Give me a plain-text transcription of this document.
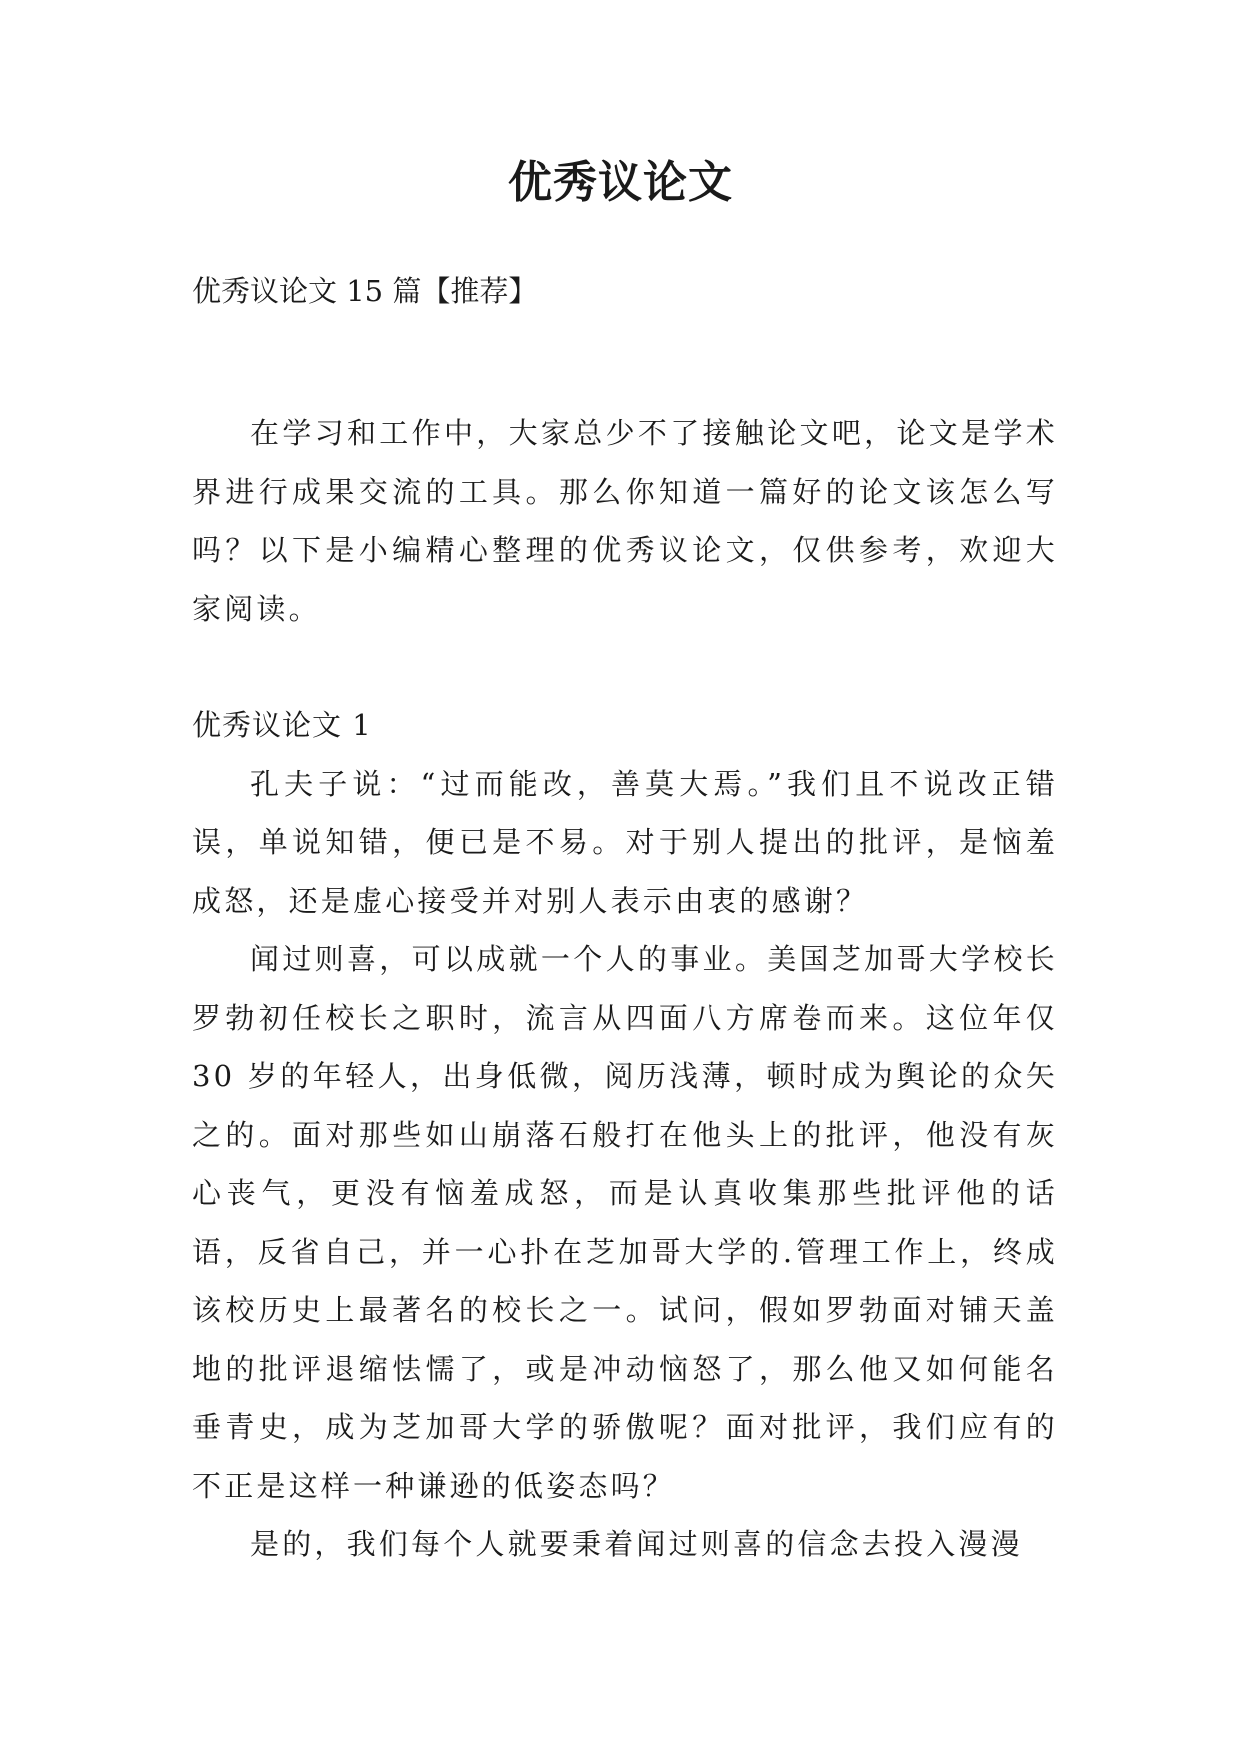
优秀议论文
优秀议论文 15 篇【推荐】

在学习和工作中，大家总少不了接触论文吧，论文是学术界进行成果交流的工具。那么你知道一篇好的论文该怎么写吗？以下是小编精心整理的优秀议论文，仅供参考，欢迎大家阅读。

优秀议论文 1

孔夫子说：“过而能改，善莫大焉。”我们且不说改正错误，单说知错，便已是不易。对于别人提出的批评，是恼羞成怒，还是虚心接受并对别人表示由衷的感谢？

闻过则喜，可以成就一个人的事业。美国芝加哥大学校长罗勃初任校长之职时，流言从四面八方席卷而来。这位年仅 30 岁的年轻人，出身低微，阅历浅薄，顿时成为舆论的众矢之的。面对那些如山崩落石般打在他头上的批评，他没有灰心丧气，更没有恼羞成怒，而是认真收集那些批评他的话语，反省自己，并一心扑在芝加哥大学的.管理工作上，终成该校历史上最著名的校长之一。试问，假如罗勃面对铺天盖地的批评退缩怯懦了，或是冲动恼怒了，那么他又如何能名垂青史，成为芝加哥大学的骄傲呢？面对批评，我们应有的不正是这样一种谦逊的低姿态吗？

是的，我们每个人就要秉着闻过则喜的信念去投入漫漫
